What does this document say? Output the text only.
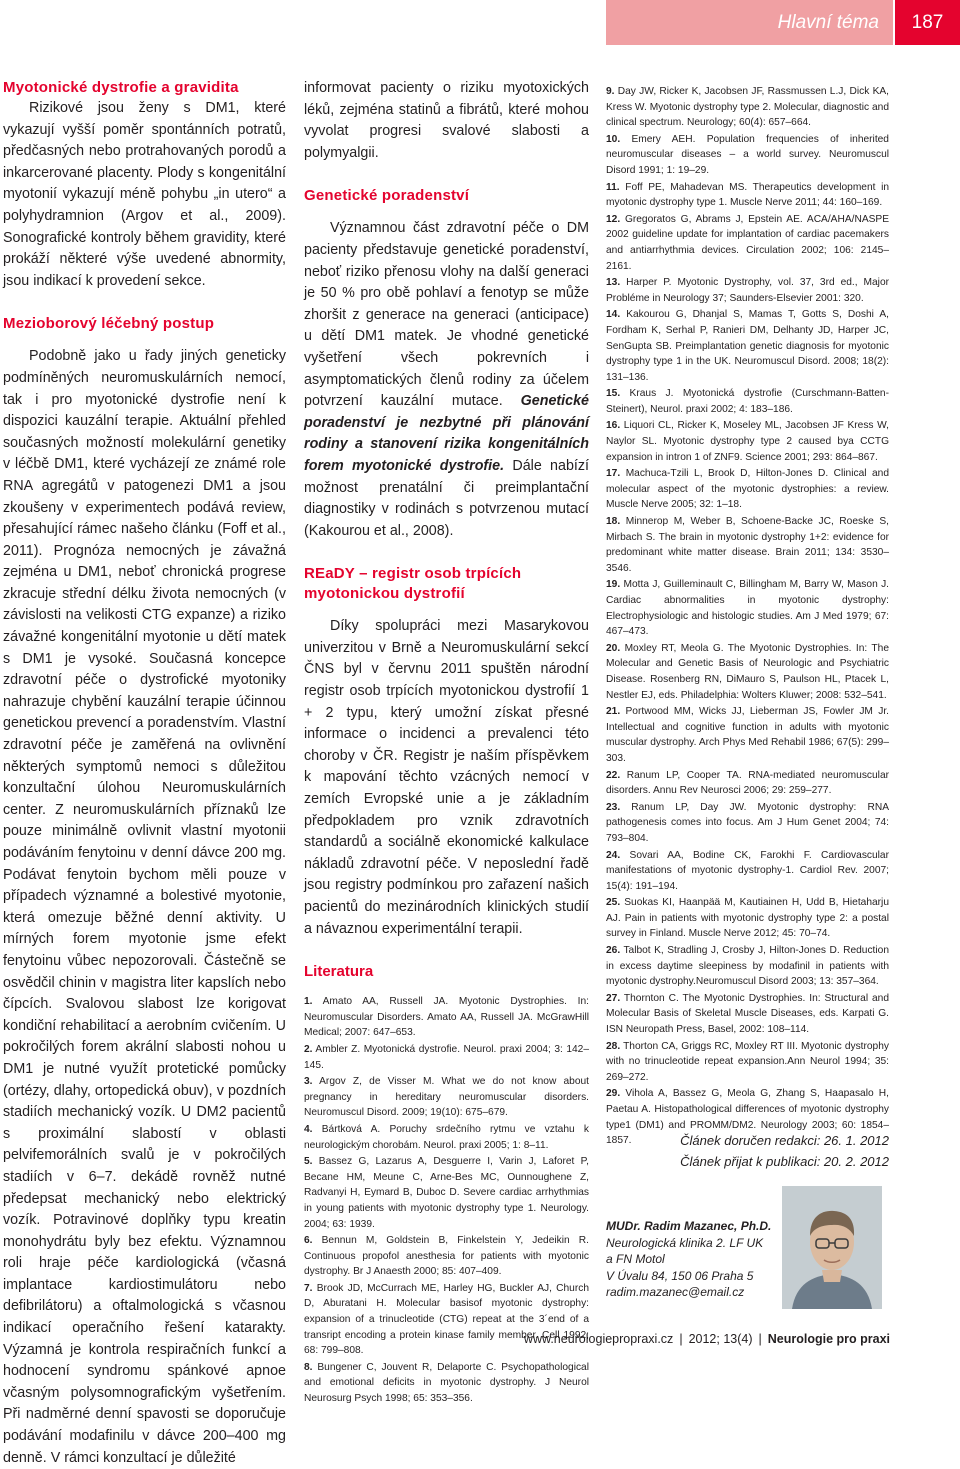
Hlavní téma 187
Myotonické dystrofie a gravidita

Rizikové jsou ženy s DM1, které vykazují vyšší poměr spontánních potratů, předčasných nebo protrahovaných porodů a inkarcerované placenty. Plody s kongenitální myotonií vykazují méně pohybu „in utero“ a polyhydramnion (Argov et al., 2009). Sonografické kontroly během gravidity, které prokáží některé výše uvedené abnormity, jsou indikací k provedení sekce.

Mezioborový léčebný postup

Podobně jako u řady jiných geneticky podmíněných neuromuskulárních nemocí, tak i pro myotonické dystrofie není k dispozici kauzální terapie. Aktuální přehled současných možností molekulární genetiky v léčbě DM1, které vycházejí ze známé role RNA agregátů v patogenezi DM1 a jsou zkoušeny v experimentech podává review, přesahující rámec našeho článku (Foff et al., 2011). Prognóza nemocných je závažná zejména u DM1, neboť chronická progrese zkracuje střední délku života nemocných (v závislosti na velikosti CTG expanze) a riziko závažné kongenitální myotonie u dětí matek s DM1 je vysoké. Současná koncepce zdravotní péče o dystrofické myotoniky nahrazuje chybění kauzální terapie účinnou genetickou prevencí a poradenstvím. Vlastní zdravotní péče je zaměřená na ovlivnění některých symptomů nemoci s důležitou konzultační úlohou Neuromuskulárních center. Z neuromuskulárních příznaků lze pouze minimálně ovlivnit vlastní myotonii podáváním fenytoinu v denní dávce 200 mg. Podávat fenytoin bychom měli pouze v případech významné a bolestivé myotonie, která omezuje běžné denní aktivity. U mírných forem myotonie jsme efekt fenytoinu vůbec nepozorovali. Částečně se osvědčil chinin v magistra liter kapslích nebo čípcích. Svalovou slabost lze korigovat kondiční rehabilitací a aerobním cvičením. U pokročilých forem akrální slabosti nohou u DM1 je nutné využít protetické pomůcky (ortézy, dlahy, ortopedická obuv), v pozdních stadiích mechanický vozík. U DM2 pacientů s proximální slabostí v oblasti pelvifemorálních svalů je v pokročilých stadiích v 6–7. dekádě rovněž nutné předepsat mechanický nebo elektrický vozík. Potravinové doplňky typu kreatin monohydrátu byly bez efektu. Významnou roli hraje péče kardiologická (včasná implantace kardiostimulátoru nebo defibrilátoru) a oftalmologická s včasnou indikací operačního řešení katarakty. Výzamná je kontrola respiračních funkcí a hodnocení syndromu spánkové apnoe včasným polysomnografickým vyšetřením. Při nadměrné denní spavosti se doporučuje podávání modafinilu v dávce 200–400 mg denně. V rámci konzultací je důležité

informovat pacienty o riziku myotoxických léků, zejména statinů a fibrátů, které mohou vyvolat progresi svalové slabosti a polymyalgii.

Genetické poradenství

Významnou část zdravotní péče o DM pacienty představuje genetické poradenství, neboť riziko přenosu vlohy na další generaci je 50 % pro obě pohlaví a fenotyp se může zhoršit z generace na generaci (anticipace) u dětí DM1 matek. Je vhodné genetické vyšetření všech pokrevních i asymptomatických členů rodiny za účelem potvrzení kauzální mutace. Genetické poradenství je nezbytné při plánování rodiny a stanovení rizika kongenitálních forem myotonické dystrofie. Dále nabízí možnost prenatální či preimplantační diagnostiky v rodinách s potvrzenou mutací (Kakourou et al., 2008).

REaDY – registr osob trpících myotonickou dystrofií

Díky spolupráci mezi Masarykovou univerzitou v Brně a Neuromuskulární sekcí ČNS byl v červnu 2011 spuštěn národní registr osob trpících myotonickou dystrofií 1 + 2 typu, který umožní získat přesné informace o incidenci a prevalenci této choroby v ČR. Registr je naším příspěvkem k mapování těchto vzácných nemocí v zemích Evropské unie a je základním předpokladem pro vznik zdravotních standardů a sociálně ekonomické kalkulace nákladů zdravotní péče. V neposlední řadě jsou registry podmínkou pro zařazení našich pacientů do mezinárodních klinických studií a návaznou experimentální terapii.

Literatura

1. Amato AA, Russell JA. Myotonic Dystrophies. In: Neuromuscular Disorders. Amato AA, Russell JA. McGrawHill Medical; 2007: 647–653.

2. Ambler Z. Myotonická dystrofie. Neurol. praxi 2004; 3: 142–145.

3. Argov Z, de Visser M. What we do not know about pregnancy in hereditary neuromuscular disorders. Neuromuscul Disord. 2009; 19(10): 675–679.

4. Bártková A. Poruchy srdečního rytmu ve vztahu k neurologickým chorobám. Neurol. praxi 2005; 1: 8–11.

5. Bassez G, Lazarus A, Desguerre I, Varin J, Laforet P, Becane HM, Meune C, Arne-Bes MC, Ounnoughene Z, Radvanyi H, Eymard B, Duboc D. Severe cardiac arrhythmias in young patients with myotonic dystrophy type 1. Neurology. 2004; 63: 1939.

6. Bennun M, Goldstein B, Finkelstein Y, Jedeikin R. Continuous propofol anesthesia for patients with myotonic dystrophy. Br J Anaesth 2000; 85: 407–409.

7. Brook JD, McCurrach ME, Harley HG, Buckler AJ, Church D, Aburatani H. Molecular basisof myotonic dystrophy: expansion of a trinucleotide (CTG) repeat at the 3´end of a transript encoding a protein kinase family member. Cell 1992; 68: 799–808.

8. Bungener C, Jouvent R, Delaporte C. Psychopathological and emotional deficits in myotonic dystrophy. J Neurol Neurosurg Psych 1998; 65: 353–356.

9. Day JW, Ricker K, Jacobsen JF, Rassmussen L.J, Dick KA, Kress W. Myotonic dystrophy type 2. Molecular, diagnostic and clinical spectrum. Neurology; 60(4): 657–664.

10. Emery AEH. Population frequencies of inherited neuromuscular diseases – a world survey. Neuromuscul Disord 1991; 1: 19–29.

11. Foff PE, Mahadevan MS. Therapeutics development in myotonic dystrophy type 1. Muscle Nerve 2011; 44: 160–169.

12. Gregoratos G, Abrams J, Epstein AE. ACA/AHA/NASPE 2002 guideline update for implantation of cardiac pacemakers and antiarrhythmia devices. Circulation 2002; 106: 2145–2161.

13. Harper P. Myotonic Dystrophy, vol. 37, 3rd ed., Major Probléme in Neurology 37; Saunders-Elsevier 2001: 320.

14. Kakourou G, Dhanjal S, Mamas T, Gotts S, Doshi A, Fordham K, Serhal P, Ranieri DM, Delhanty JD, Harper JC, SenGupta SB. Preimplantation genetic diagnosis for myotonic dystrophy type 1 in the UK. Neuromuscul Disord. 2008; 18(2): 131–136.

15. Kraus J. Myotonická dystrofie (Curschmann-Batten-Steinert), Neurol. praxi 2002; 4: 183–186.

16. Liquori CL, Ricker K, Moseley ML, Jacobsen JF Kress W, Naylor SL. Myotonic dystrophy type 2 caused bya CCTG expansion in intron 1 of ZNF9. Science 2001; 293: 864–867.

17. Machuca-Tzili L, Brook D, Hilton-Jones D. Clinical and molecular aspect of the myotonic dystrophies: a review. Muscle Nerve 2005; 32: 1–18.

18. Minnerop M, Weber B, Schoene-Backe JC, Roeske S, Mirbach S. The brain in myotonic dystrophy 1+2: evidence for predominant white matter disease. Brain 2011; 134: 3530–3546.

19. Motta J, Guilleminault C, Billingham M, Barry W, Mason J. Cardiac abnormalities in myotonic dystrophy: Electrophysiologic and histologic studies. Am J Med 1979; 67: 467–473.

20. Moxley RT, Meola G. The Myotonic Dystrophies. In: The Molecular and Genetic Basis of Neurologic and Psychiatric Disease. Rosenberg RN, DiMauro S, Paulson HL, Ptacek L, Nestler EJ, eds. Philadelphia: Wolters Kluwer; 2008: 532–541.

21. Portwood MM, Wicks JJ, Lieberman JS, Fowler JM Jr. Intellectual and cognitive function in adults with myotonic muscular dystrophy. Arch Phys Med Rehabil 1986; 67(5): 299–303.

22. Ranum LP, Cooper TA. RNA-mediated neuromuscular disorders. Annu Rev Neurosci 2006; 29: 259–277.

23. Ranum LP, Day JW. Myotonic dystrophy: RNA pathogenesis comes into focus. Am J Hum Genet 2004; 74: 793–804.

24. Sovari AA, Bodine CK, Farokhi F. Cardiovascular manifestations of myotonic dystrophy-1. Cardiol Rev. 2007; 15(4): 191–194.

25. Suokas KI, Haanpää M, Kautiainen H, Udd B, Hietaharju AJ. Pain in patients with myotonic dystrophy type 2: a postal survey in Finland. Muscle Nerve 2012; 45: 70–74.

26. Talbot K, Stradling J, Crosby J, Hilton-Jones D. Reduction in excess daytime sleepiness by modafinil in patients with myotonic dystrophy.Neuromuscul Disord 2003; 13: 357–364.

27. Thornton C. The Myotonic Dystrophies. In: Structural and Molecular Basis of Skeletal Muscle Diseases, eds. Karpati G. ISN Neuropath Press, Basel, 2002: 108–114.

28. Thorton CA, Griggs RC, Moxley RT III. Myotonic dystrophy with no trinucleotide repeat expansion.Ann Neurol 1994; 35: 269–272.

29. Vihola A, Bassez G, Meola G, Zhang S, Haapasalo H, Paetau A. Histopathological differences of myotonic dystrophy type1 (DM1) and PROMM/DM2. Neurology 2003; 60: 1854–1857.	Článek doručen redakci: 26. 1. 2012
Článek přijat k publikaci: 20. 2. 2012
MUDr. Radim Mazanec, Ph.D.
Neurologická klinika 2. LF UK
a FN Motol
V Úvalu 84, 150 06 Praha 5
radim.mazanec@email.cz
www.neurologiepropraxi.cz | 2012; 13(4) | Neurologie pro praxi
